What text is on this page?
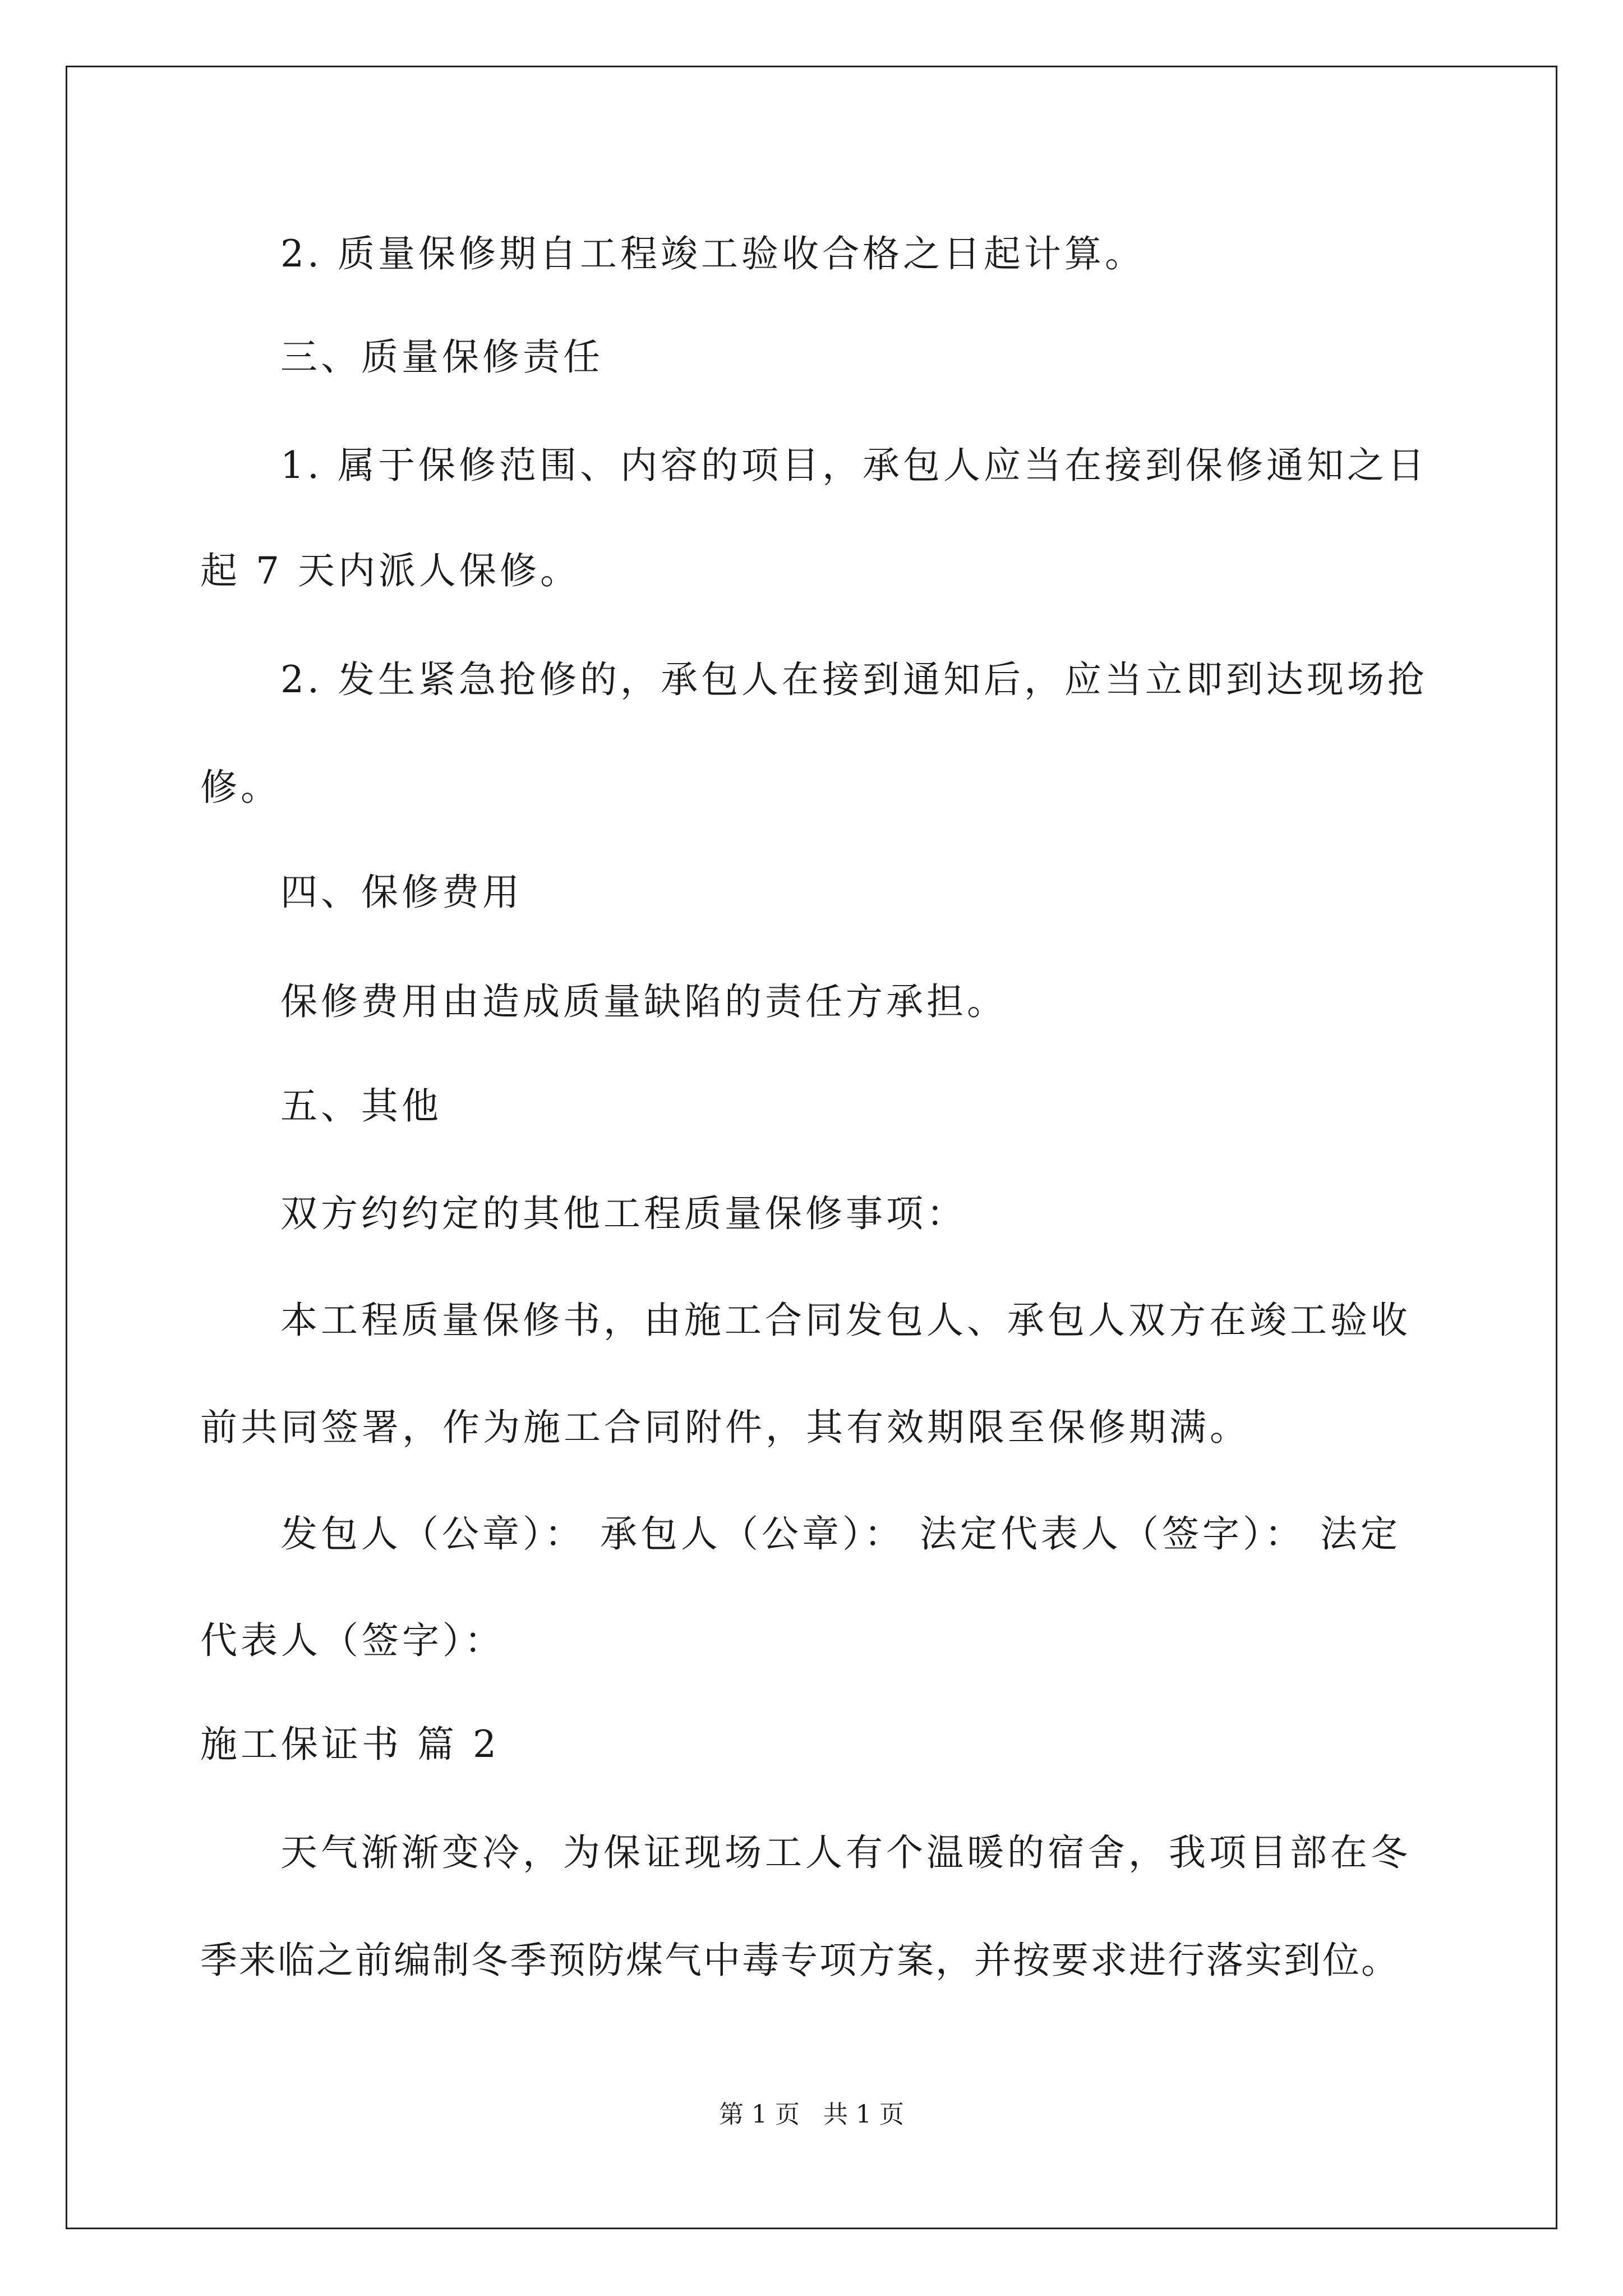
2. 质量保修期自工程竣工验收合格之日起计算。

三、质量保修责任

1. 属于保修范围、内容的项目，承包人应当在接到保修通知之日

起 7 天内派人保修。

2. 发生紧急抢修的，承包人在接到通知后，应当立即到达现场抢

修。

四、保修费用

保修费用由造成质量缺陷的责任方承担。

五、其他

双方约约定的其他工程质量保修事项：

本工程质量保修书，由施工合同发包人、承包人双方在竣工验收

前共同签署，作为施工合同附件，其有效期限至保修期满。

发包人（公章）： 承包人（公章）： 法定代表人（签字）： 法定

代表人（签字）：

施工保证书 篇 2

天气渐渐变冷，为保证现场工人有个温暖的宿舍，我项目部在冬

季来临之前编制冬季预防煤气中毒专项方案，并按要求进行落实到位。

第 1 页   共 1 页
